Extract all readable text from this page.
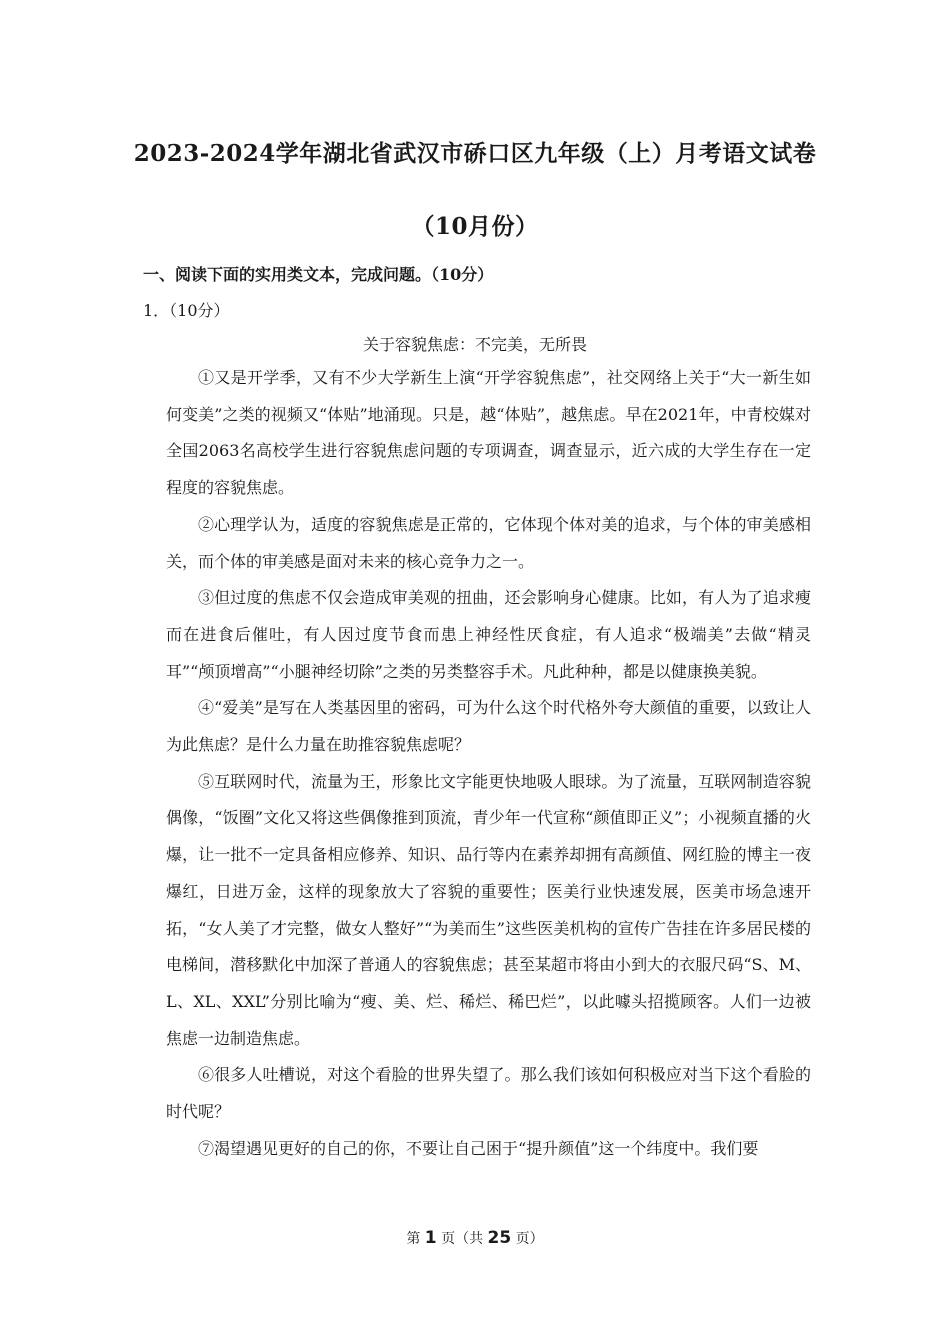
2023-2024学年湖北省武汉市硚口区九年级（上）月考语文试卷
（10月份）
一、阅读下面的实用类文本，完成问题。（10分）
1．（10分）
关于容貌焦虑：不完美，无所畏

①又是开学季，又有不少大学新生上演“开学容貌焦虑”，社交网络上关于“大一新生如何变美”之类的视频又“体贴”地涌现。只是，越“体贴”，越焦虑。早在2021年，中青校媒对全国2063名高校学生进行容貌焦虑问题的专项调查，调查显示，近六成的大学生存在一定程度的容貌焦虑。

②心理学认为，适度的容貌焦虑是正常的，它体现个体对美的追求，与个体的审美感相关，而个体的审美感是面对未来的核心竞争力之一。

③但过度的焦虑不仅会造成审美观的扭曲，还会影响身心健康。比如，有人为了追求瘦而在进食后催吐，有人因过度节食而患上神经性厌食症，有人追求“极端美”去做“精灵耳”“颅顶增高”“小腿神经切除”之类的另类整容手术。凡此种种，都是以健康换美貌。

④“爱美”是写在人类基因里的密码，可为什么这个时代格外夸大颜值的重要，以致让人为此焦虑？是什么力量在助推容貌焦虑呢？

⑤互联网时代，流量为王，形象比文字能更快地吸人眼球。为了流量，互联网制造容貌偶像，“饭圈”文化又将这些偶像推到顶流，青少年一代宣称“颜值即正义”；小视频直播的火爆，让一批不一定具备相应修养、知识、品行等内在素养却拥有高颜值、网红脸的博主一夜爆红，日进万金，这样的现象放大了容貌的重要性；医美行业快速发展，医美市场急速开拓，“女人美了才完整，做女人整好”“为美而生”这些医美机构的宣传广告挂在许多居民楼的电梯间，潜移默化中加深了普通人的容貌焦虑；甚至某超市将由小到大的衣服尺码“S、M、L、XL、XXL”分别比喻为“瘦、美、烂、稀烂、稀巴烂”，以此噱头招揽顾客。人们一边被焦虑一边制造焦虑。

⑥很多人吐槽说，对这个看脸的世界失望了。那么我们该如何积极应对当下这个看脸的时代呢？

⑦渴望遇见更好的自己的你，不要让自己困于“提升颜值”这一个纬度中。我们要

第 1 页（共 25 页）
